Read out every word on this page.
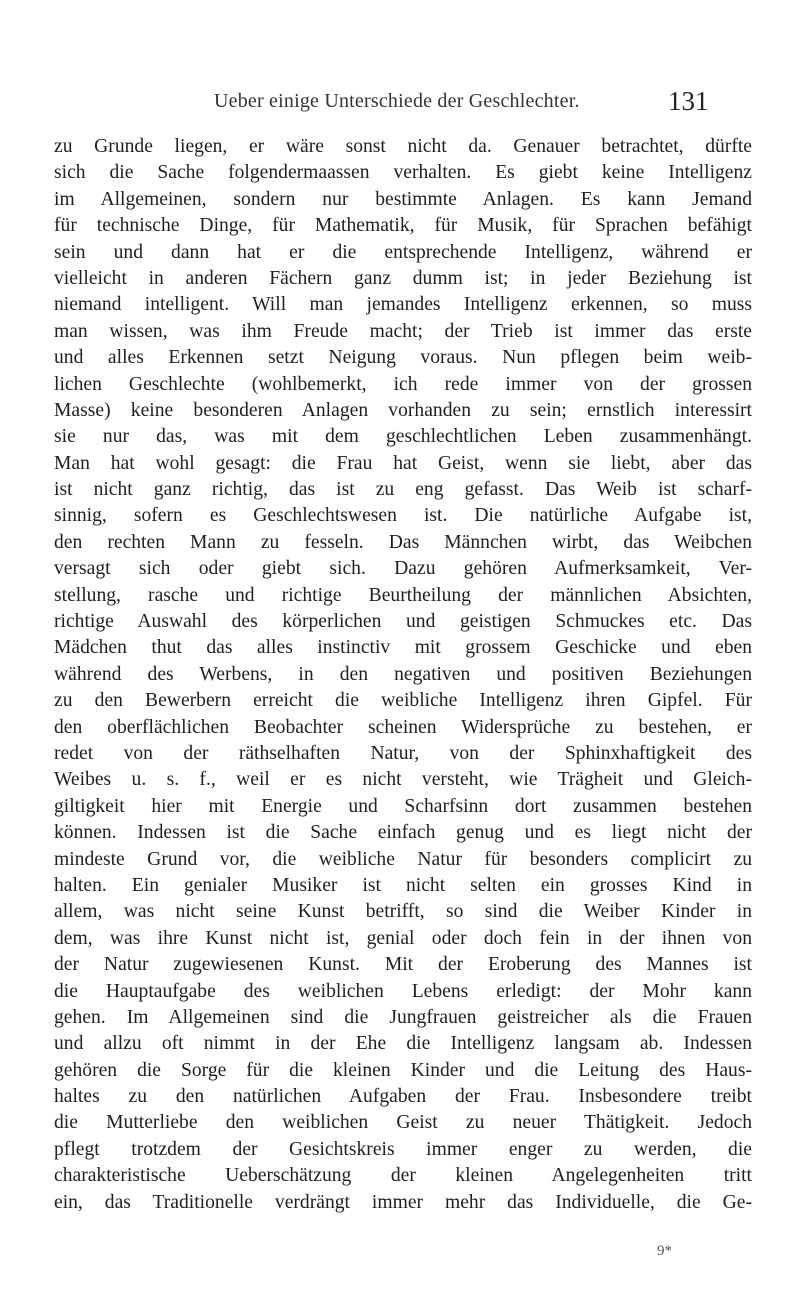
Ueber einige Unterschiede der Geschlechter.	131
zu Grunde liegen, er wäre sonst nicht da. Genauer betrachtet, dürfte
sich die Sache folgendermaassen verhalten. Es giebt keine Intelligenz
im Allgemeinen, sondern nur bestimmte Anlagen. Es kann Jemand
für technische Dinge, für Mathematik, für Musik, für Sprachen befähigt
sein und dann hat er die entsprechende Intelligenz, während er
vielleicht in anderen Fächern ganz dumm ist; in jeder Beziehung ist
niemand intelligent. Will man jemandes Intelligenz erkennen, so muss
man wissen, was ihm Freude macht; der Trieb ist immer das erste
und alles Erkennen setzt Neigung voraus. Nun pflegen beim weib-
lichen Geschlechte (wohlbemerkt, ich rede immer von der grossen
Masse) keine besonderen Anlagen vorhanden zu sein; ernstlich interessirt
sie nur das, was mit dem geschlechtlichen Leben zusammenhängt.
Man hat wohl gesagt: die Frau hat Geist, wenn sie liebt, aber das
ist nicht ganz richtig, das ist zu eng gefasst. Das Weib ist scharf-
sinnig, sofern es Geschlechtswesen ist. Die natürliche Aufgabe ist,
den rechten Mann zu fesseln. Das Männchen wirbt, das Weibchen
versagt sich oder giebt sich. Dazu gehören Aufmerksamkeit, Ver-
stellung, rasche und richtige Beurtheilung der männlichen Absichten,
richtige Auswahl des körperlichen und geistigen Schmuckes etc. Das
Mädchen thut das alles instinctiv mit grossem Geschicke und eben
während des Werbens, in den negativen und positiven Beziehungen
zu den Bewerbern erreicht die weibliche Intelligenz ihren Gipfel. Für
den oberflächlichen Beobachter scheinen Widersprüche zu bestehen, er
redet von der räthselhaften Natur, von der Sphinxhaftigkeit des
Weibes u. s. f., weil er es nicht versteht, wie Trägheit und Gleich-
giltigkeit hier mit Energie und Scharfsinn dort zusammen bestehen
können. Indessen ist die Sache einfach genug und es liegt nicht der
mindeste Grund vor, die weibliche Natur für besonders complicirt zu
halten. Ein genialer Musiker ist nicht selten ein grosses Kind in
allem, was nicht seine Kunst betrifft, so sind die Weiber Kinder in
dem, was ihre Kunst nicht ist, genial oder doch fein in der ihnen von
der Natur zugewiesenen Kunst. Mit der Eroberung des Mannes ist
die Hauptaufgabe des weiblichen Lebens erledigt: der Mohr kann
gehen. Im Allgemeinen sind die Jungfrauen geistreicher als die Frauen
und allzu oft nimmt in der Ehe die Intelligenz langsam ab. Indessen
gehören die Sorge für die kleinen Kinder und die Leitung des Haus-
haltes zu den natürlichen Aufgaben der Frau. Insbesondere treibt
die Mutterliebe den weiblichen Geist zu neuer Thätigkeit. Jedoch
pflegt trotzdem der Gesichtskreis immer enger zu werden, die
charakteristische Ueberschätzung der kleinen Angelegenheiten tritt
ein, das Traditionelle verdrängt immer mehr das Individuelle, die Ge-
9*
